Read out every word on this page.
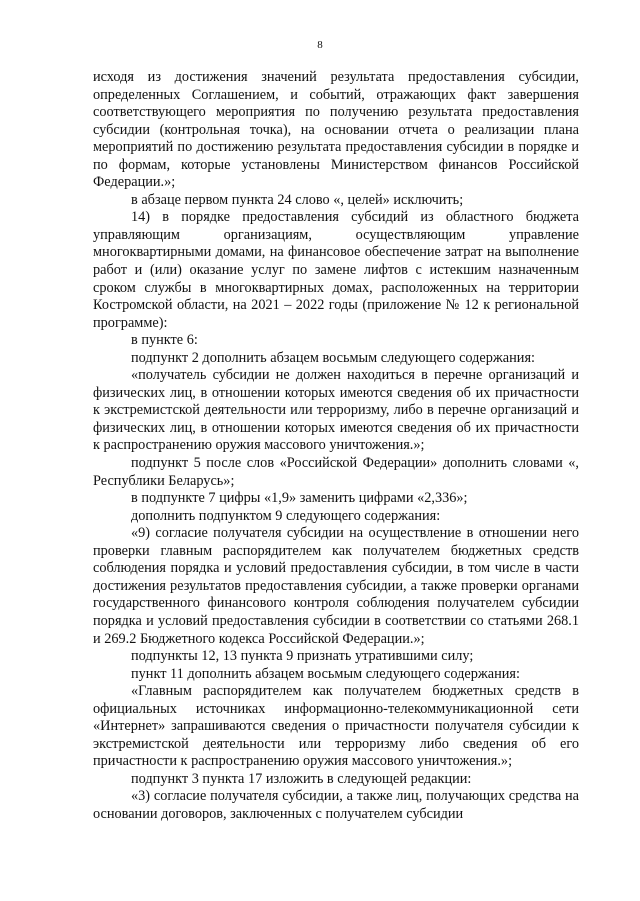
8

исходя из достижения значений результата предоставления субсидии, определенных Соглашением, и событий, отражающих факт завершения соответствующего мероприятия по получению результата предоставления субсидии (контрольная точка), на основании отчета о реализации плана мероприятий по достижению результата предоставления субсидии в порядке и по формам, которые установлены Министерством финансов Российской Федерации.»;

в абзаце первом пункта 24 слово «, целей» исключить;

14) в порядке предоставления субсидий из областного бюджета управляющим организациям, осуществляющим управление многоквартирными домами, на финансовое обеспечение затрат на выполнение работ и (или) оказание услуг по замене лифтов с истекшим назначенным сроком службы в многоквартирных домах, расположенных на территории Костромской области, на 2021 – 2022 годы (приложение № 12 к региональной программе):

в пункте 6:

подпункт 2 дополнить абзацем восьмым следующего содержания:

«получатель субсидии не должен находиться в перечне организаций и физических лиц, в отношении которых имеются сведения об их причастности к экстремистской деятельности или терроризму, либо в перечне организаций и физических лиц, в отношении которых имеются сведения об их причастности к распространению оружия массового уничтожения.»;

подпункт 5 после слов «Российской Федерации» дополнить словами «, Республики Беларусь»;

в подпункте 7 цифры «1,9» заменить цифрами «2,336»;

дополнить подпунктом 9 следующего содержания:

«9) согласие получателя субсидии на осуществление в отношении него проверки главным распорядителем как получателем бюджетных средств соблюдения порядка и условий предоставления субсидии, в том числе в части достижения результатов предоставления субсидии, а также проверки органами государственного финансового контроля соблюдения получателем субсидии порядка и условий предоставления субсидии в соответствии со статьями 268.1 и 269.2 Бюджетного кодекса Российской Федерации.»;

подпункты 12, 13 пункта 9 признать утратившими силу;

пункт 11 дополнить абзацем восьмым следующего содержания:

«Главным распорядителем как получателем бюджетных средств в официальных источниках информационно-телекоммуникационной сети «Интернет» запрашиваются сведения о причастности получателя субсидии к экстремистской деятельности или терроризму либо сведения об его причастности к распространению оружия массового уничтожения.»;

подпункт 3 пункта 17 изложить в следующей редакции:

«3) согласие получателя субсидии, а также лиц, получающих средства на основании договоров, заключенных с получателем субсидии
